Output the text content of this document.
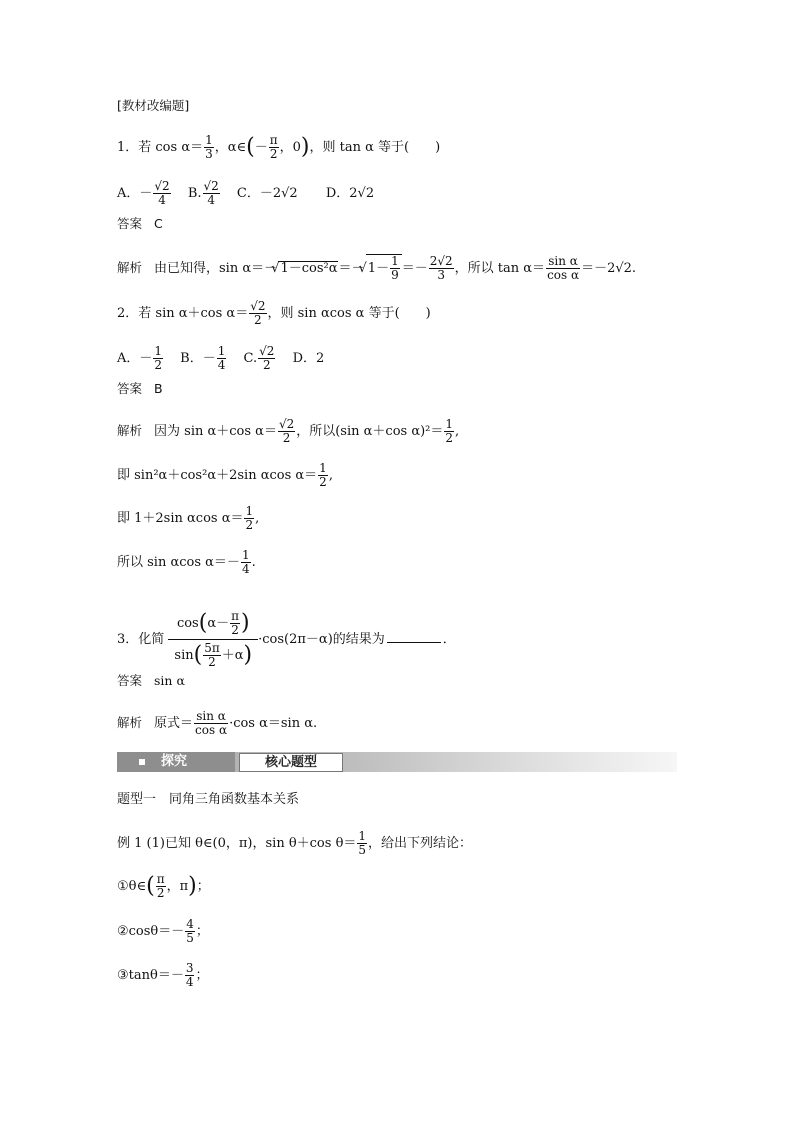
[教材改编题]
1．若 $\cos \alpha= \frac{1}{3}$ ，α∈(－ $\frac{\pi}{2}$ ，0)，则 tan α 等于(　　)
A．－ $\frac{√2}{4} B$. $\frac{√2}{4}$ C．－2√2 D．2√2
答案 C
解析 由已知得，sin α＝－ √ 1－cos²α＝－ √ $1- \frac{1}{9} =- \frac{2√2}{3}$ ，所以 $\tan \alpha= \frac{\text{sin α}}{\text{cos α}} =-2√2$.
2．若 sin α＋cos $\alpha= \frac{√2}{2}$ ，则 sin αcos α 等于(　　)
A．－ $\frac{1}{2}$ B．－ $\frac{1}{4} C$. $\frac{√2}{2}$ D．2
答案 B
解析 因为 sin α＋cos $\alpha= \frac{√2}{2}$ ，所以(sin α＋cos $\alpha)^2= \frac{1}{2}$ ,
即 sin²α＋cos²α＋2sin αcos $\alpha= \frac{1}{2}$ ,
即 1＋2sin αcos $\alpha= \frac{1}{2}$ ,
所以 sin αcos $\alpha=- \frac{1}{4}$ .
3．化简 $\frac{\cos(\alpha- \frac{\pi}{2} )}{\sin( \frac{5\pi}{2} +\alpha)} \cdot\cos(2\pi-\alpha)$的结果为	．
答案 sin α
解析 原式＝ $\frac{\text{sin α}}{\text{cos α}} \cdot\cos$ α＝sin α.
探究	核心题型
题型一　同角三角函数基本关系
例 1 (1)已知 θ∈(0，π)，sin θ＋cos $\theta= \frac{1}{5}$ ，给出下列结论：
①θ∈( $\frac{\pi}{2}$ ，π)；
②cosθ＝－ $\frac{4}{5}$ ；
③tanθ＝－ $\frac{3}{4}$ ；
